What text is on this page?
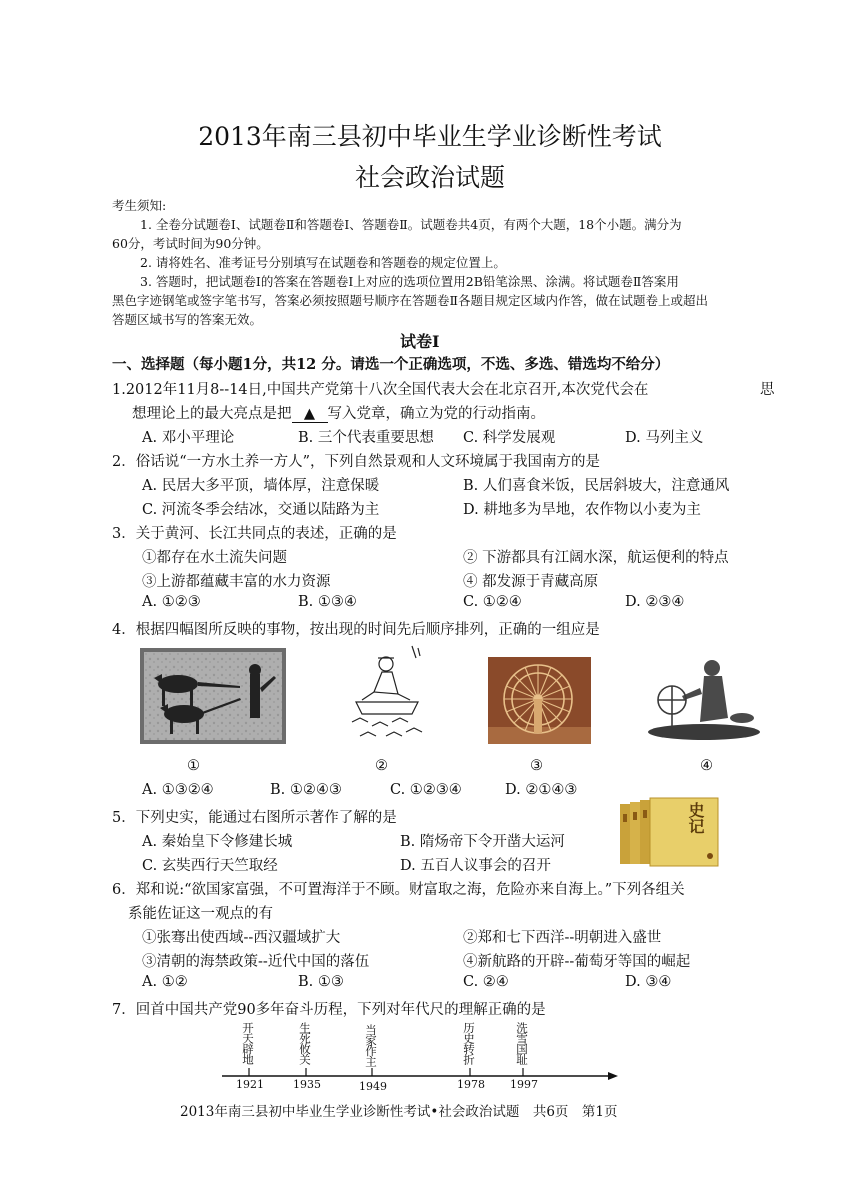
2013年南三县初中毕业生学业诊断性考试
社会政治试题
考生须知:
1. 全卷分试题卷Ⅰ、试题卷Ⅱ和答题卷Ⅰ、答题卷Ⅱ。试题卷共4页，有两个大题，18个小题。满分为
60分，考试时间为90分钟。
2. 请将姓名、准考证号分别填写在试题卷和答题卷的规定位置上。
3. 答题时，把试题卷Ⅰ的答案在答题卷Ⅰ上对应的选项位置用2B铅笔涂黑、涂满。将试题卷Ⅱ答案用
黑色字迹钢笔或签字笔书写，答案必须按照题号顺序在答题卷Ⅱ各题目规定区域内作答，做在试题卷上或超出
答题区域书写的答案无效。
试卷Ⅰ
一、选择题（每小题1分，共12 分。请选一个正确选项，不选、多选、错选均不给分）
1.2012年11月8--14日,中国共产党第十八次全国代表大会在北京召开,本次党代会在	思
想理论上的最大亮点是把 ▲ 写入党章，确立为党的行动指南。
A. 邓小平理论	B. 三个代表重要思想 C. 科学发展观	D. 马列主义
2．俗话说“一方水土养一方人”，下列自然景观和人文环境属于我国南方的是
A. 民居大多平顶，墙体厚，注意保暖	B. 人们喜食米饭，民居斜坡大，注意通风
C. 河流冬季会结冰，交通以陆路为主	D. 耕地多为旱地，农作物以小麦为主
3．关于黄河、长江共同点的表述，正确的是
①都存在水土流失问题	② 下游都具有江阔水深，航运便利的特点
③上游都蕴藏丰富的水力资源	④ 都发源于青藏高原
A. ①②③	B. ①③④	C. ①②④	D. ②③④
4．根据四幅图所反映的事物，按出现的时间先后顺序排列，正确的一组应是
①	②	③	④
A. ①③②④	B. ①②④③	C. ①②③④	D. ②①④③
5．下列史实，能通过右图所示著作了解的是
A. 秦始皇下令修建长城	B. 隋炀帝下令开凿大运河
C. 玄奘西行天竺取经	D. 五百人议事会的召开
史记
6．郑和说:“欲国家富强，不可置海洋于不顾。财富取之海，危险亦来自海上。”下列各组关
系能佐证这一观点的有
①张骞出使西域--西汉疆域扩大	②郑和七下西洋--明朝进入盛世
③清朝的海禁政策--近代中国的落伍	④新航路的开辟--葡萄牙等国的崛起
A. ①②	B. ①③	C. ②④	D. ③④
7．回首中国共产党90多年奋斗历程，下列对年代尺的理解正确的是
开天辟地	生死攸关	当家作主	历史转折	洗雪国耻
1921	1935	1949	1978 1997
2013年南三县初中毕业生学业诊断性考试•社会政治试题　共6页　第1页
